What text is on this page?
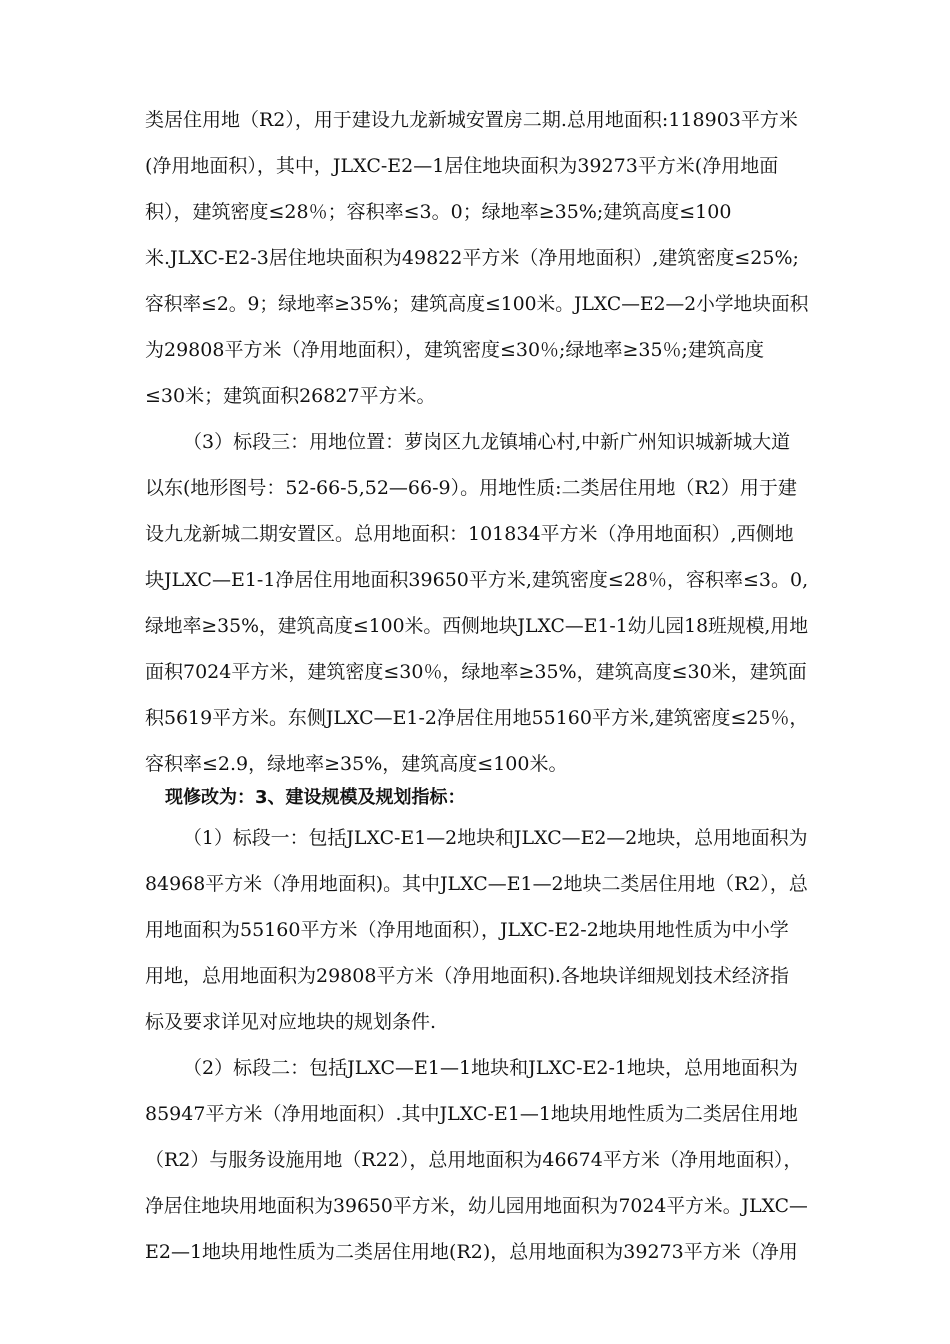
类居住用地（R2），用于建设九龙新城安置房二期.总用地面积:118903平方米
(净用地面积），其中，JLXC-E2—1居住地块面积为39273平方米(净用地面
积），建筑密度≤28％；容积率≤3。0；绿地率≥35%;建筑高度≤100
米.JLXC-E2-3居住地块面积为49822平方米（净用地面积）,建筑密度≤25%;
容积率≤2。9；绿地率≥35%；建筑高度≤100米。JLXC—E2—2小学地块面积
为29808平方米（净用地面积），建筑密度≤30％;绿地率≥35％;建筑高度
≤30米；建筑面积26827平方米。
（3）标段三：用地位置：萝岗区九龙镇埔心村,中新广州知识城新城大道
以东(地形图号：52-66-5,52—66-9）。用地性质:二类居住用地（R2）用于建
设九龙新城二期安置区。总用地面积：101834平方米（净用地面积）,西侧地
块JLXC—E1-1净居住用地面积39650平方米,建筑密度≤28％，容积率≤3。0,
绿地率≥35%，建筑高度≤100米。西侧地块JLXC—E1-1幼儿园18班规模,用地
面积7024平方米，建筑密度≤30％，绿地率≥35%，建筑高度≤30米，建筑面
积5619平方米。东侧JLXC—E1-2净居住用地55160平方米,建筑密度≤25％，
容积率≤2.9，绿地率≥35%，建筑高度≤100米。
现修改为：3、建设规模及规划指标：
（1）标段一：包括JLXC-E1—2地块和JLXC—E2—2地块，总用地面积为
84968平方米（净用地面积)。其中JLXC—E1—2地块二类居住用地（R2），总
用地面积为55160平方米（净用地面积），JLXC-E2-2地块用地性质为中小学
用地，总用地面积为29808平方米（净用地面积).各地块详细规划技术经济指
标及要求详见对应地块的规划条件.
（2）标段二：包括JLXC—E1—1地块和JLXC-E2-1地块，总用地面积为
85947平方米（净用地面积）.其中JLXC-E1—1地块用地性质为二类居住用地
（R2）与服务设施用地（R22），总用地面积为46674平方米（净用地面积），
净居住地块用地面积为39650平方米，幼儿园用地面积为7024平方米。JLXC—
E2—1地块用地性质为二类居住用地(R2)，总用地面积为39273平方米（净用
